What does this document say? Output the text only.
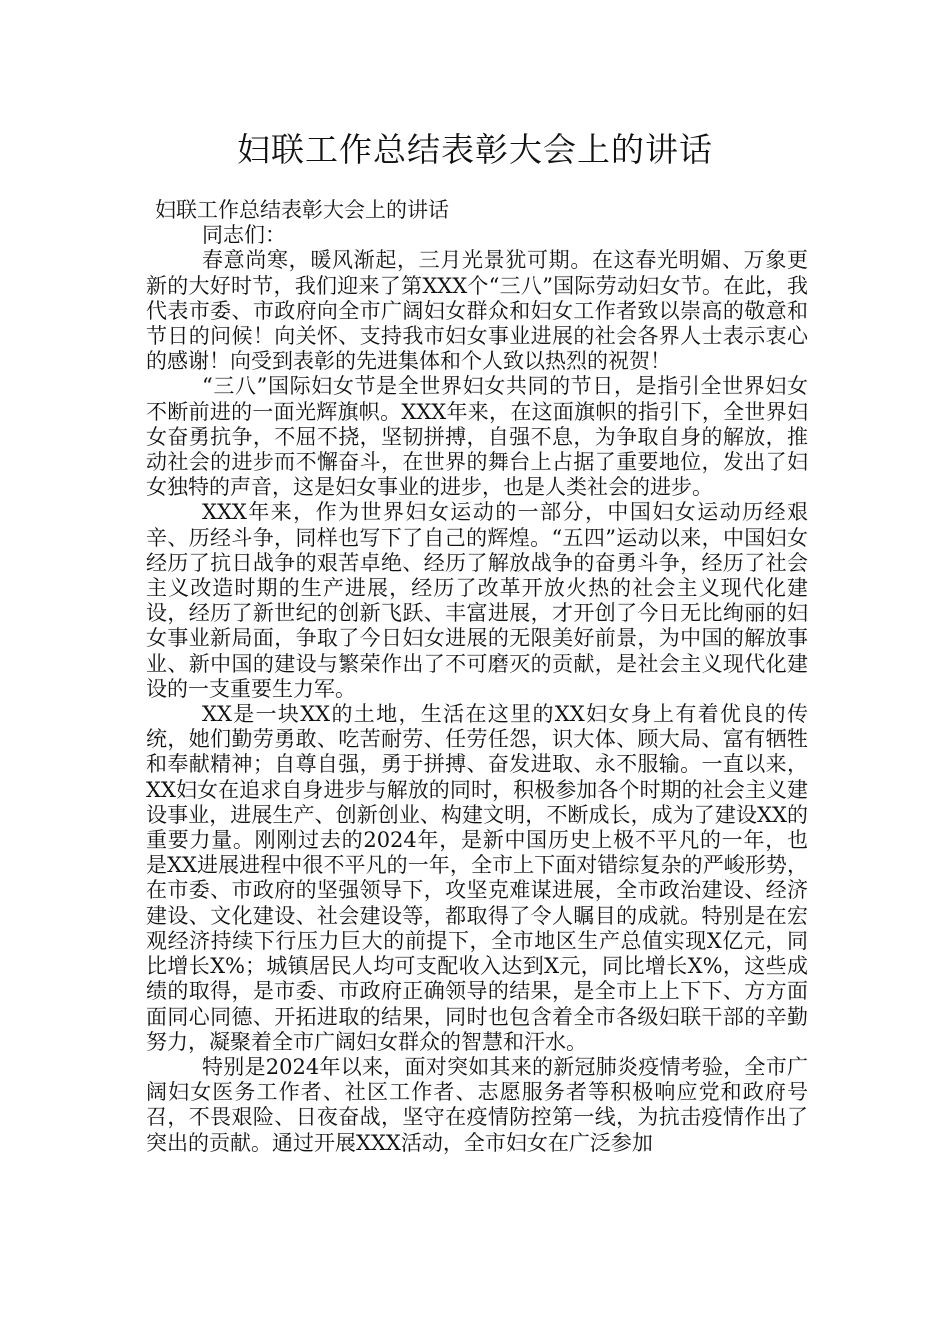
妇联工作总结表彰大会上的讲话

妇联工作总结表彰大会上的讲话

同志们：

春意尚寒，暖风渐起，三月光景犹可期。在这春光明媚、万象更新的大好时节，我们迎来了第XXX个“三八”国际劳动妇女节。在此，我代表市委、市政府向全市广阔妇女群众和妇女工作者致以崇高的敬意和节日的问候！向关怀、支持我市妇女事业进展的社会各界人士表示衷心的感谢！向受到表彰的先进集体和个人致以热烈的祝贺！

“三八”国际妇女节是全世界妇女共同的节日，是指引全世界妇女不断前进的一面光辉旗帜。XXX年来，在这面旗帜的指引下，全世界妇女奋勇抗争，不屈不挠，坚韧拼搏，自强不息，为争取自身的解放，推动社会的进步而不懈奋斗，在世界的舞台上占据了重要地位，发出了妇女独特的声音，这是妇女事业的进步，也是人类社会的进步。

XXX年来，作为世界妇女运动的一部分，中国妇女运动历经艰辛、历经斗争，同样也写下了自己的辉煌。“五四”运动以来，中国妇女经历了抗日战争的艰苦卓绝、经历了解放战争的奋勇斗争，经历了社会主义改造时期的生产进展，经历了改革开放火热的社会主义现代化建设，经历了新世纪的创新飞跃、丰富进展，才开创了今日无比绚丽的妇女事业新局面，争取了今日妇女进展的无限美好前景，为中国的解放事业、新中国的建设与繁荣作出了不可磨灭的贡献，是社会主义现代化建设的一支重要生力军。

XX是一块XX的土地，生活在这里的XX妇女身上有着优良的传统，她们勤劳勇敢、吃苦耐劳、任劳任怨，识大体、顾大局、富有牺牲和奉献精神；自尊自强，勇于拼搏、奋发进取、永不服输。一直以来，XX妇女在追求自身进步与解放的同时，积极参加各个时期的社会主义建设事业，进展生产、创新创业、构建文明，不断成长，成为了建设XX的重要力量。刚刚过去的2024年，是新中国历史上极不平凡的一年，也是XX进展进程中很不平凡的一年，全市上下面对错综复杂的严峻形势，在市委、市政府的坚强领导下，攻坚克难谋进展，全市政治建设、经济建设、文化建设、社会建设等，都取得了令人瞩目的成就。特别是在宏观经济持续下行压力巨大的前提下，全市地区生产总值实现X亿元，同比增长X%；城镇居民人均可支配收入达到X元，同比增长X%，这些成绩的取得，是市委、市政府正确领导的结果，是全市上上下下、方方面面同心同德、开拓进取的结果，同时也包含着全市各级妇联干部的辛勤努力，凝聚着全市广阔妇女群众的智慧和汗水。

特别是2024年以来，面对突如其来的新冠肺炎疫情考验，全市广阔妇女医务工作者、社区工作者、志愿服务者等积极响应党和政府号召，不畏艰险、日夜奋战，坚守在疫情防控第一线，为抗击疫情作出了突出的贡献。通过开展XXX活动，全市妇女在广泛参加
